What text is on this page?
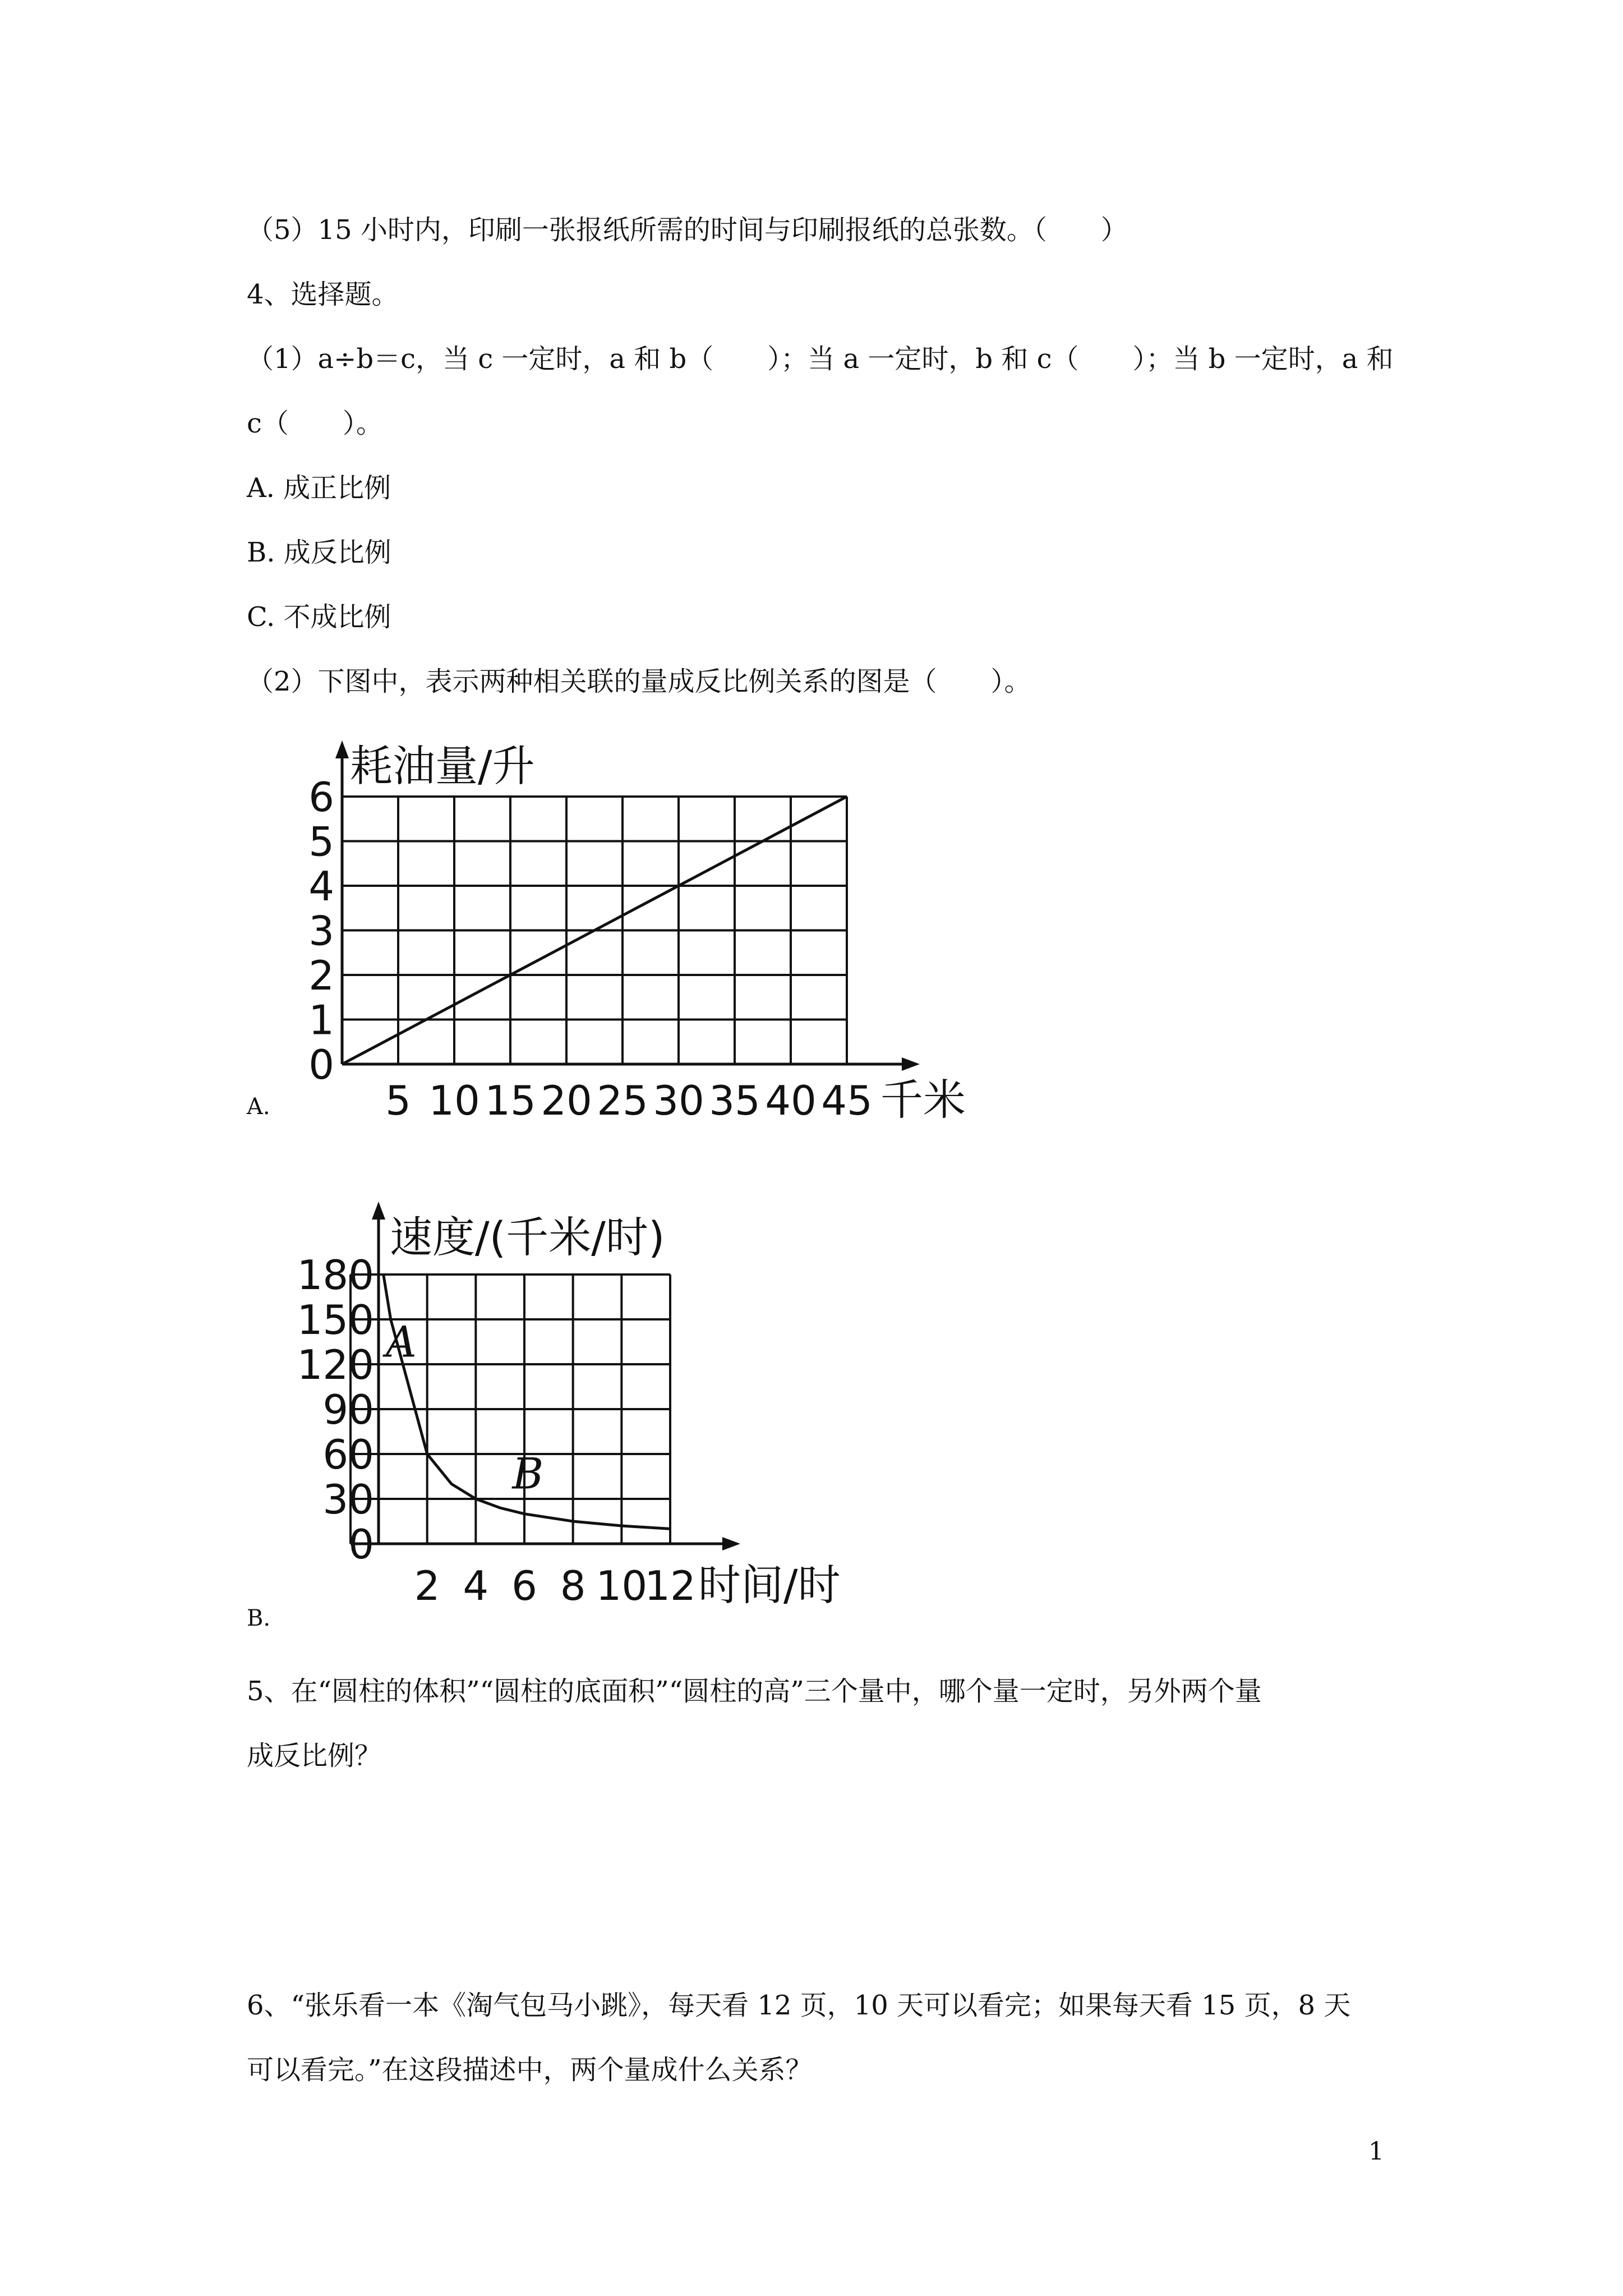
（5）15 小时内，印刷一张报纸所需的时间与印刷报纸的总张数。（　　）
4、选择题。
（1）a÷b＝c，当 c 一定时，a 和 b（　　）；当 a 一定时，b 和 c（　　）；当 b 一定时，a 和
c（　　）。
A. 成正比例
B. 成反比例
C. 不成比例
（2）下图中，表示两种相关联的量成反比例关系的图是（　　）。
0
1
2
3
4
5
6
5 10 15 20 25 30 35 40 45
耗油量/升
千米
A.
0
30
60
90
120
150
180
2 4 6 8 10
12
速度/(千米/时)
时间/时
A
B
B.
5、在“圆柱的体积”“圆柱的底面积”“圆柱的高”三个量中，哪个量一定时，另外两个量
成反比例？
6、“张乐看一本《淘气包马小跳》，每天看 12 页，10 天可以看完；如果每天看 15 页，8 天
可以看完。”在这段描述中，两个量成什么关系？
1
